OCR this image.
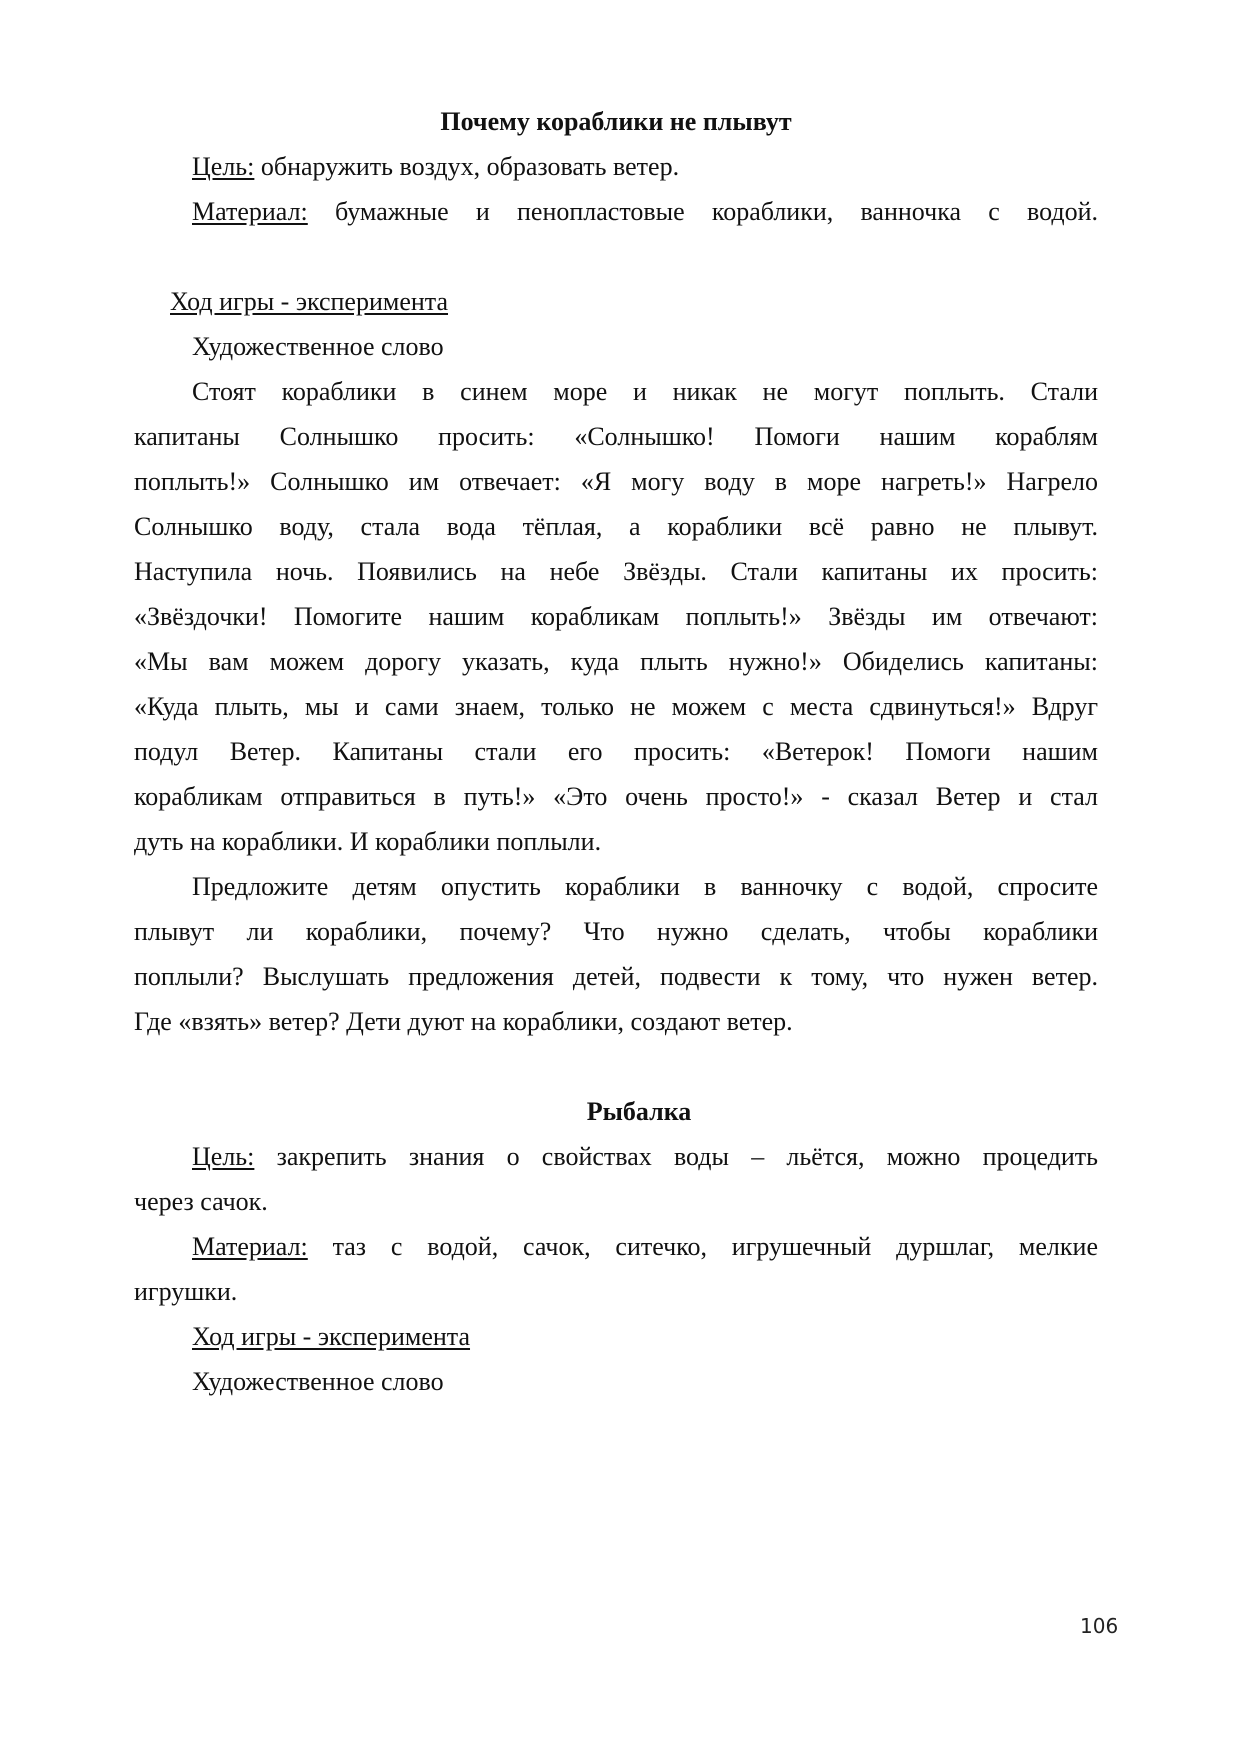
Почему кораблики не плывут
Цель: обнаружить воздух, образовать ветер.
Материал: бумажные и пенопластовые кораблики, ванночка с водой.
Ход игры - эксперимента
Художественное слово
Стоят кораблики в синем море и никак не могут поплыть. Стали
капитаны Солнышко просить: «Солнышко! Помоги нашим кораблям
поплыть!» Солнышко им отвечает: «Я могу воду в море нагреть!» Нагрело
Солнышко воду, стала вода тёплая, а кораблики всё равно не плывут.
Наступила ночь. Появились на небе Звёзды. Стали капитаны их просить:
«Звёздочки! Помогите нашим корабликам поплыть!» Звёзды им отвечают:
«Мы вам можем дорогу указать, куда плыть нужно!» Обиделись капитаны:
«Куда плыть, мы и сами знаем, только не можем с места сдвинуться!» Вдруг
подул Ветер. Капитаны стали его просить: «Ветерок! Помоги нашим
корабликам отправиться в путь!» «Это очень просто!» - сказал Ветер и стал
дуть на кораблики. И кораблики поплыли.
Предложите детям опустить кораблики в ванночку с водой, спросите
плывут ли кораблики, почему? Что нужно сделать, чтобы кораблики
поплыли? Выслушать предложения детей, подвести к тому, что нужен ветер.
Где «взять» ветер? Дети дуют на кораблики, создают ветер.
Рыбалка
Цель: закрепить знания о свойствах воды – льётся, можно процедить
через сачок.
Материал: таз с водой, сачок, ситечко, игрушечный дуршлаг, мелкие
игрушки.
Ход игры - эксперимента
Художественное слово
106
